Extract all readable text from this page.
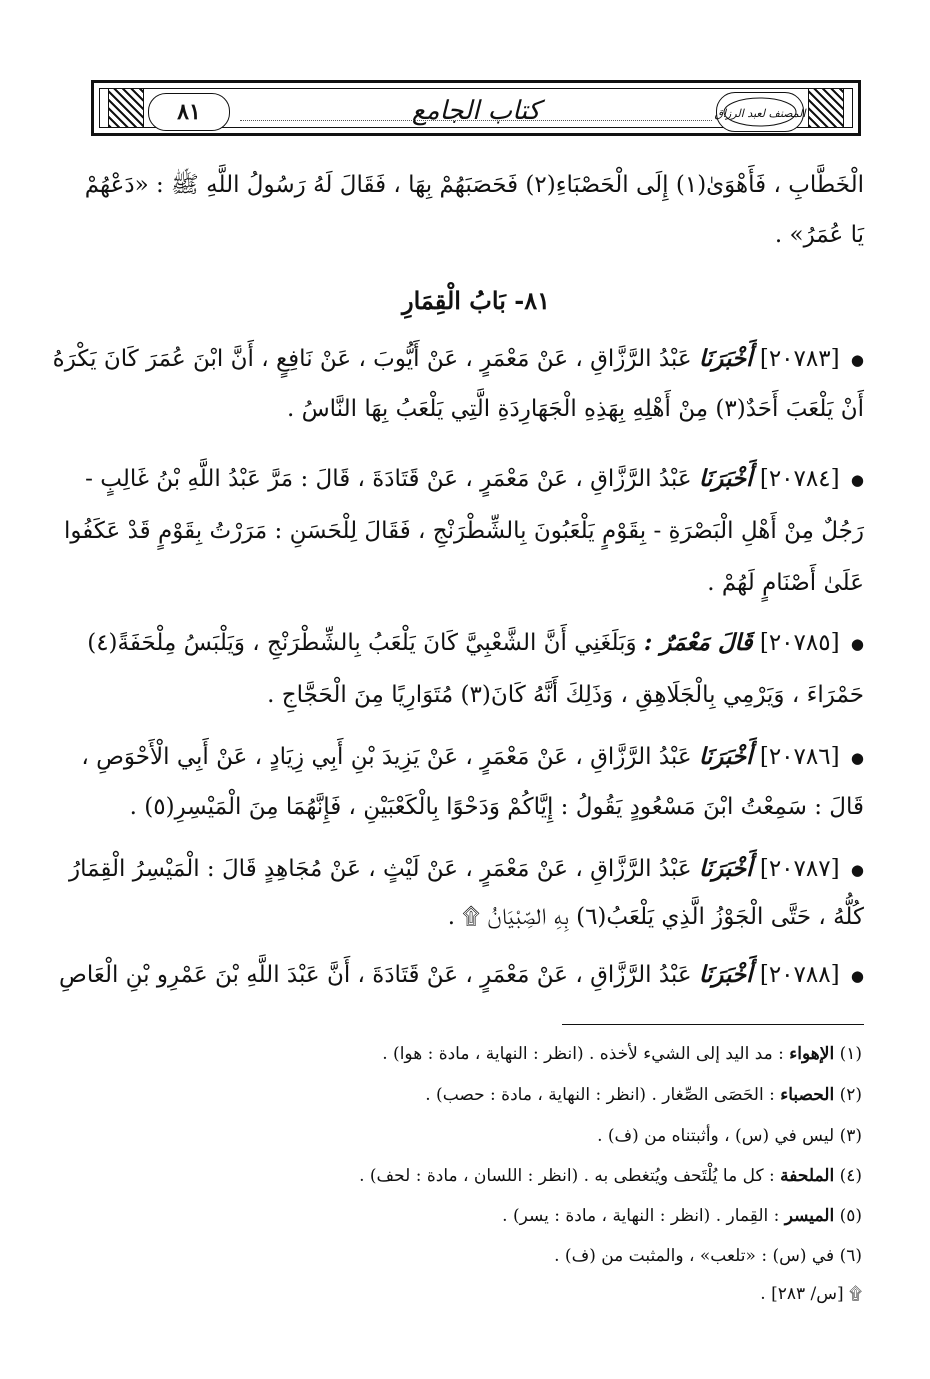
٨١	كتاب الجامع	المصنف لعبد الرزاق
الْخَطَّابِ ، فَأَهْوَىٰ(١) إِلَى الْحَصْبَاءِ(٢) فَحَصَبَهُمْ بِهَا ، فَقَالَ لَهُ رَسُولُ اللَّهِ ﷺ : «دَعْهُمْ
يَا عُمَرُ» .
٨١- بَابُ الْقِمَارِ
● [٢٠٧٨٣] أَخْبَرَنَا عَبْدُ الرَّزَّاقِ ، عَنْ مَعْمَرٍ ، عَنْ أَيُّوبَ ، عَنْ نَافِعٍ ، أَنَّ ابْنَ عُمَرَ كَانَ يَكْرَهُ
أَنْ يَلْعَبَ أَحَدٌ(٣) مِنْ أَهْلِهِ بِهَذِهِ الْجَهَارِدَةِ الَّتِي يَلْعَبُ بِهَا النَّاسُ .
● [٢٠٧٨٤] أَخْبَرَنَا عَبْدُ الرَّزَّاقِ ، عَنْ مَعْمَرٍ ، عَنْ قَتَادَةَ ، قَالَ : مَرَّ عَبْدُ اللَّهِ بْنُ غَالِبٍ -
رَجُلٌ مِنْ أَهْلِ الْبَصْرَةِ - بِقَوْمٍ يَلْعَبُونَ بِالشِّطْرَنْجِ ، فَقَالَ لِلْحَسَنِ : مَرَرْتُ بِقَوْمٍ قَدْ عَكَفُوا
عَلَىٰ أَصْنَامٍ لَهُمْ .
● [٢٠٧٨٥] قَالَ مَعْمَرٌ : وَبَلَغَنِي أَنَّ الشَّعْبِيَّ كَانَ يَلْعَبُ بِالشِّطْرَنْجِ ، وَيَلْبَسُ مِلْحَفَةً(٤)
حَمْرَاءَ ، وَيَرْمِي بِالْجَلَاهِقِ ، وَذَلِكَ أَنَّهُ كَانَ(٣) مُتَوَارِيًا مِنَ الْحَجَّاجِ .
● [٢٠٧٨٦] أَخْبَرَنَا عَبْدُ الرَّزَّاقِ ، عَنْ مَعْمَرٍ ، عَنْ يَزِيدَ بْنِ أَبِي زِيَادٍ ، عَنْ أَبِي الْأَحْوَصِ ،
قَالَ : سَمِعْتُ ابْنَ مَسْعُودٍ يَقُولُ : إِيَّاكُمْ وَدَحْوًا بِالْكَعْبَيْنِ ، فَإِنَّهُمَا مِنَ الْمَيْسِرِ(٥) .
● [٢٠٧٨٧] أَخْبَرَنَا عَبْدُ الرَّزَّاقِ ، عَنْ مَعْمَرٍ ، عَنْ لَيْثٍ ، عَنْ مُجَاهِدٍ قَالَ : الْمَيْسِرُ الْقِمَارُ
كُلُّهُ ، حَتَّى الْجَوْزُ الَّذِي يَلْعَبُ(٦) بِهِ الصِّبْيَانُ ۩ .
● [٢٠٧٨٨] أَخْبَرَنَا عَبْدُ الرَّزَّاقِ ، عَنْ مَعْمَرٍ ، عَنْ قَتَادَةَ ، أَنَّ عَبْدَ اللَّهِ بْنَ عَمْرِو بْنِ الْعَاصِ
(١) الإهواء : مد اليد إلى الشيء لأخذه . (انظر : النهاية ، مادة : هوا) .
(٢) الحصباء : الحَصَى الصِّغار . (انظر : النهاية ، مادة : حصب) .
(٣) ليس في (س) ، وأثبتناه من (ف) .
(٤) الملحفة : كل ما يُلْتَحف ويُتغطى به . (انظر : اللسان ، مادة : لحف) .
(٥) الميسر : القِمار . (انظر : النهاية ، مادة : يسر) .
(٦) في (س) : «تلعب» ، والمثبت من (ف) .
۩ [س/ ٢٨٣] .
